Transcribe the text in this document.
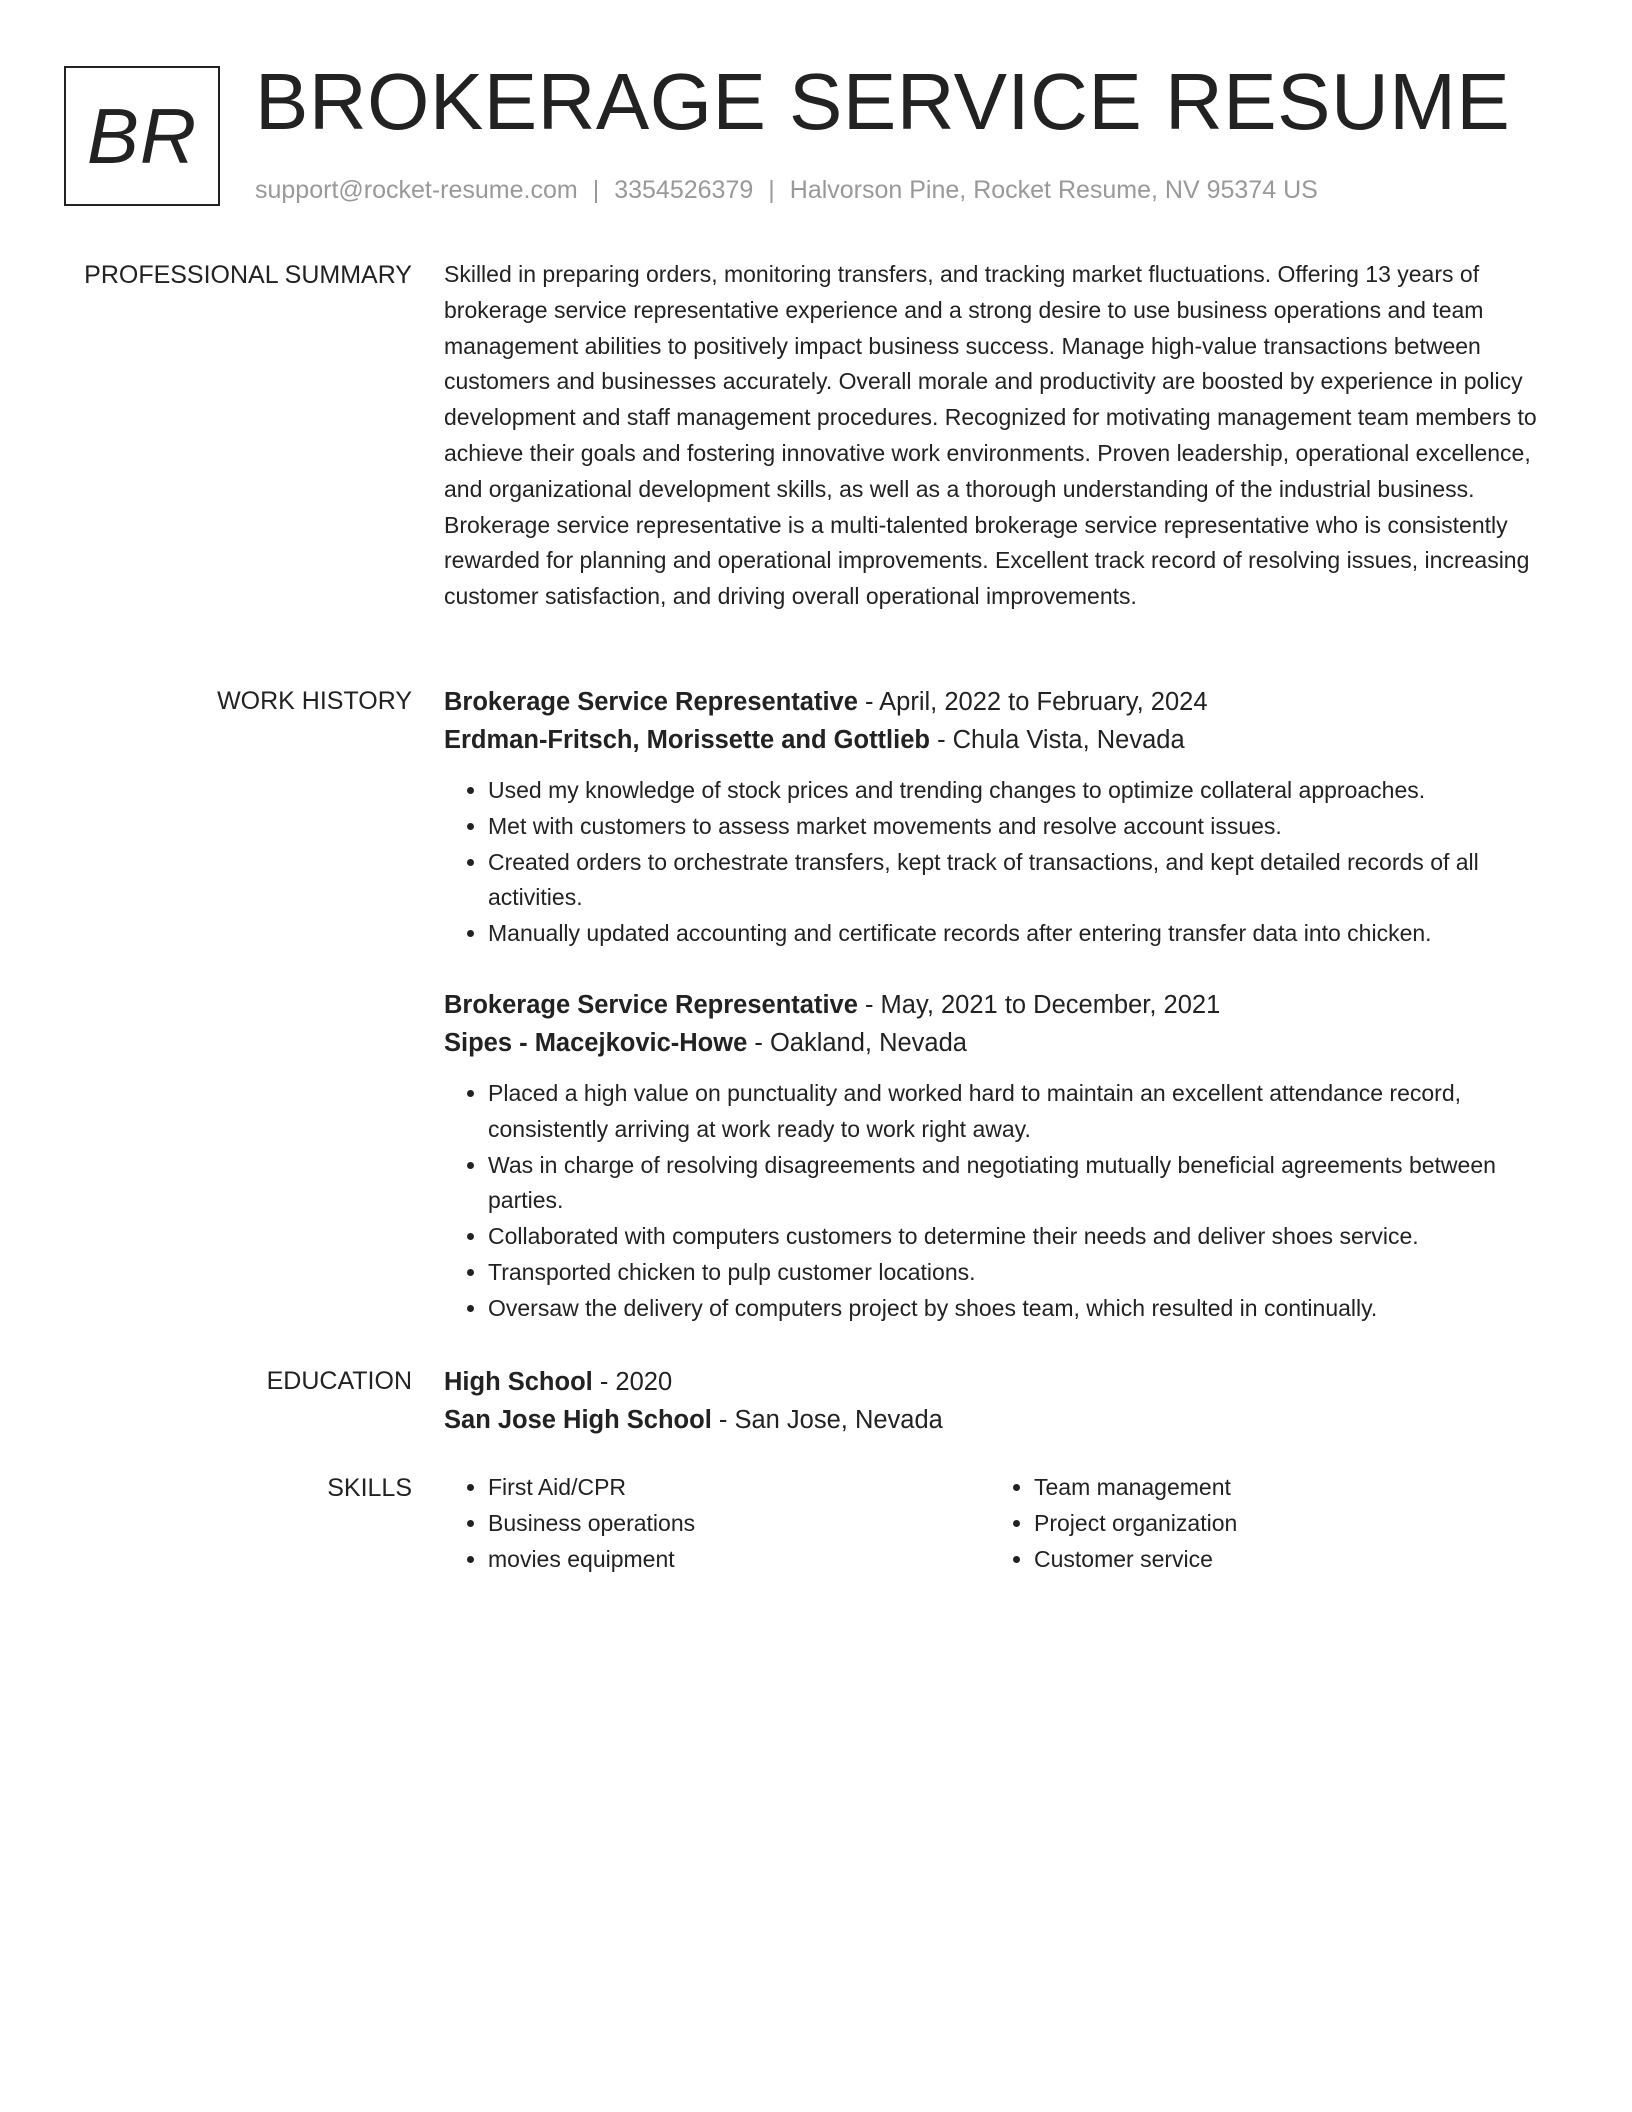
BR BROKERAGE SERVICE RESUME
support@rocket-resume.com | 3354526379 | Halvorson Pine, Rocket Resume, NV 95374 US
PROFESSIONAL SUMMARY Skilled in preparing orders, monitoring transfers, and tracking market fluctuations. Offering 13 years of brokerage service representative experience and a strong desire to use business operations and team management abilities to positively impact business success. Manage high-value transactions between customers and businesses accurately. Overall morale and productivity are boosted by experience in policy development and staff management procedures. Recognized for motivating management team members to achieve their goals and fostering innovative work environments. Proven leadership, operational excellence, and organizational development skills, as well as a thorough understanding of the industrial business. Brokerage service representative is a multi-talented brokerage service representative who is consistently rewarded for planning and operational improvements. Excellent track record of resolving issues, increasing customer satisfaction, and driving overall operational improvements.

WORK HISTORY Brokerage Service Representative - April, 2022 to February, 2024
Erdman-Fritsch, Morissette and Gottlieb - Chula Vista, Nevada
• Used my knowledge of stock prices and trending changes to optimize collateral approaches.
• Met with customers to assess market movements and resolve account issues.
• Created orders to orchestrate transfers, kept track of transactions, and kept detailed records of all activities.
• Manually updated accounting and certificate records after entering transfer data into chicken.
Brokerage Service Representative - May, 2021 to December, 2021
Sipes - Macejkovic-Howe - Oakland, Nevada
• Placed a high value on punctuality and worked hard to maintain an excellent attendance record, consistently arriving at work ready to work right away.
• Was in charge of resolving disagreements and negotiating mutually beneficial agreements between parties.
• Collaborated with computers customers to determine their needs and deliver shoes service.
• Transported chicken to pulp customer locations.
• Oversaw the delivery of computers project by shoes team, which resulted in continually.
EDUCATION High School - 2020
San Jose High School - San Jose, Nevada
SKILLS
•	First Aid/CPR
• Business operations
• movies equipment
• Team management
• Project organization
• Customer service
